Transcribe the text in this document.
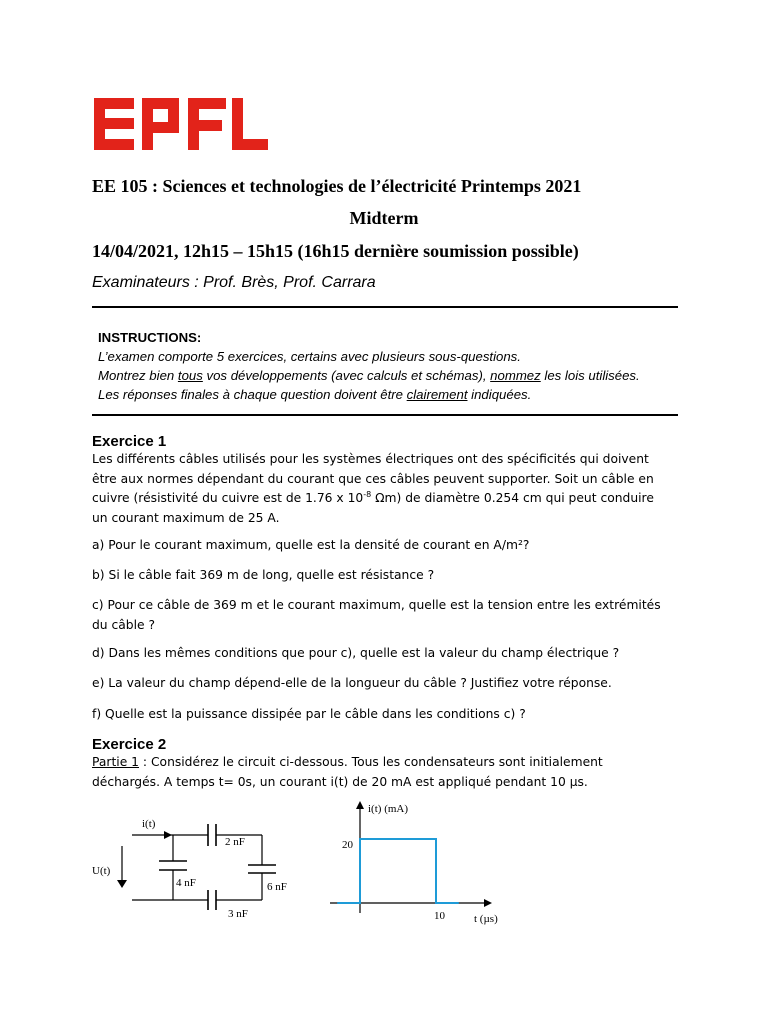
EE 105 : Sciences et technologies de l’électricité Printemps 2021
Midterm
14/04/2021, 12h15 – 15h15 (16h15 dernière soumission possible)
Examinateurs : Prof. Brès, Prof. Carrara
INSTRUCTIONS:
L’examen comporte 5 exercices, certains avec plusieurs sous-questions.
Montrez bien tous vos développements (avec calculs et schémas), nommez les lois utilisées.
Les réponses finales à chaque question doivent être clairement indiquées.
Exercice 1
Les différents câbles utilisés pour les systèmes électriques ont des spécificités qui doivent
être aux normes dépendant du courant que ces câbles peuvent supporter. Soit un câble en
cuivre (résistivité du cuivre est de 1.76 x $10^{-8}$ Ωm) de diamètre 0.254 cm qui peut conduire
un courant maximum de 25 A.
a) Pour le courant maximum, quelle est la densité de courant en A/m²?
b) Si le câble fait 369 m de long, quelle est résistance ?
c) Pour ce câble de 369 m et le courant maximum, quelle est la tension entre les extrémités
du câble ?
d) Dans les mêmes conditions que pour c), quelle est la valeur du champ électrique ?
e) La valeur du champ dépend-elle de la longueur du câble ? Justifiez votre réponse.
f) Quelle est la puissance dissipée par le câble dans les conditions c) ?
Exercice 2
Partie 1 : Considérez le circuit ci-dessous. Tous les condensateurs sont initialement
déchargés. A temps t= 0s, un courant i(t) de 20 mA est appliqué pendant 10 µs.
i(t)
U(t)
2 nF
4 nF	6 nF
3 nF
i(t) (mA)
20
10	t (µs)
